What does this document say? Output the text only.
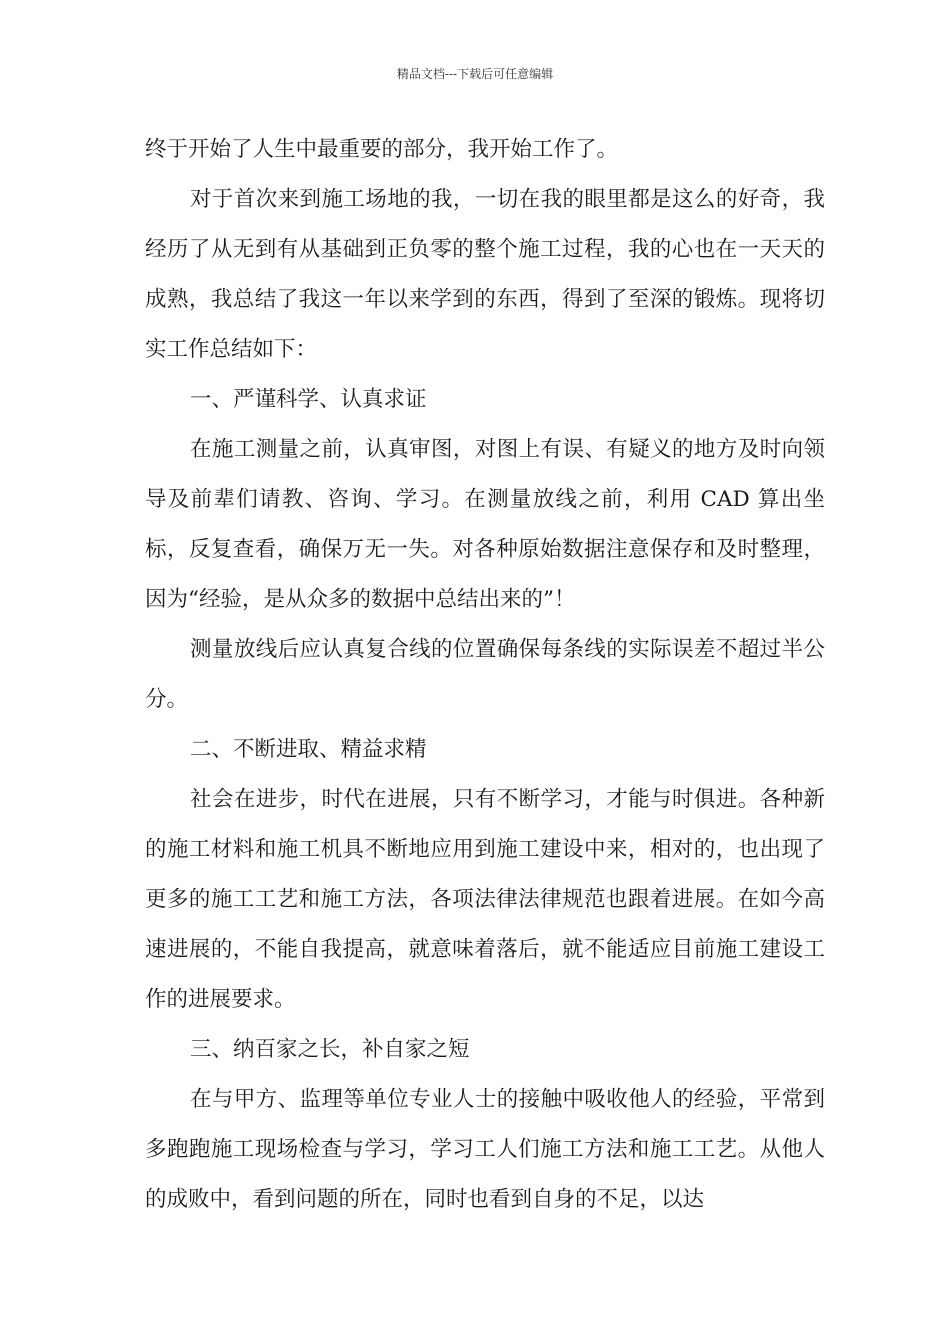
精品文档---下载后可任意编辑

终于开始了人生中最重要的部分，我开始工作了。

对于首次来到施工场地的我，一切在我的眼里都是这么的好奇，我经历了从无到有从基础到正负零的整个施工过程，我的心也在一天天的成熟，我总结了我这一年以来学到的东西，得到了至深的锻炼。现将切实工作总结如下：

一、严谨科学、认真求证

在施工测量之前，认真审图，对图上有误、有疑义的地方及时向领导及前辈们请教、咨询、学习。在测量放线之前，利用 CAD 算出坐标，反复查看，确保万无一失。对各种原始数据注意保存和及时整理，因为“经验，是从众多的数据中总结出来的”！

测量放线后应认真复合线的位置确保每条线的实际误差不超过半公分。

二、不断进取、精益求精

社会在进步，时代在进展，只有不断学习，才能与时俱进。各种新的施工材料和施工机具不断地应用到施工建设中来，相对的，也出现了更多的施工工艺和施工方法，各项法律法律规范也跟着进展。在如今高速进展的，不能自我提高，就意味着落后，就不能适应目前施工建设工作的进展要求。

三、纳百家之长，补自家之短

在与甲方、监理等单位专业人士的接触中吸收他人的经验，平常到多跑跑施工现场检查与学习，学习工人们施工方法和施工工艺。从他人的成败中，看到问题的所在，同时也看到自身的不足，以达
